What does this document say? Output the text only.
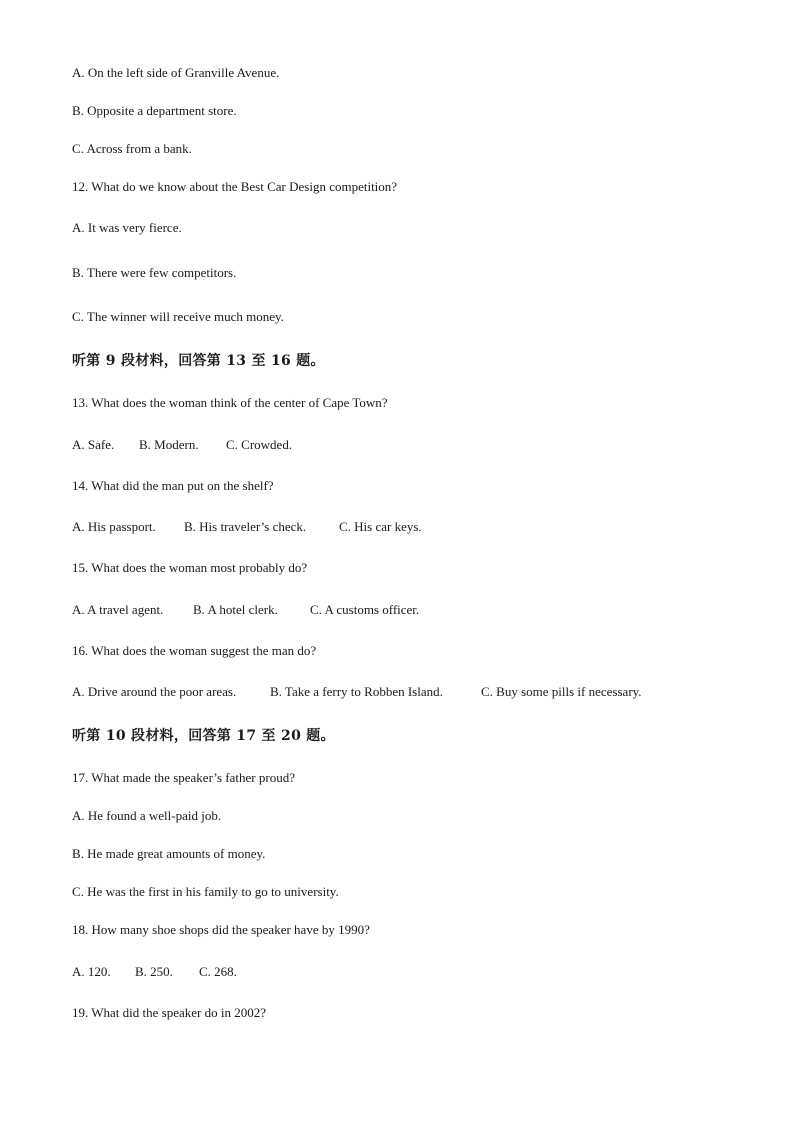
A. On the left side of Granville Avenue.
B. Opposite a department store.
C. Across from a bank.
12. What do we know about the Best Car Design competition?
A. It was very fierce.
B. There were few competitors.
C. The winner will receive much money.
听第 9 段材料，回答第 13 至 16 题。
13. What does the woman think of the center of Cape Town?
A. Safe. B. Modern. C. Crowded.
14. What did the man put on the shelf?
A. His passport. B. His traveler’s check.	C. His car keys.
15. What does the woman most probably do?
A. A travel agent. B. A hotel clerk. C. A customs officer.
16. What does the woman suggest the man do?
A. Drive around the poor areas.	B. Take a ferry to Robben Island.	C. Buy some pills if necessary.
听第 10 段材料，回答第 17 至 20 题。
17. What made the speaker’s father proud?
A. He found a well-paid job.
B. He made great amounts of money.
C. He was the first in his family to go to university.
18. How many shoe shops did the speaker have by 1990?
A. 120. B. 250. C. 268.
19. What did the speaker do in 2002?
